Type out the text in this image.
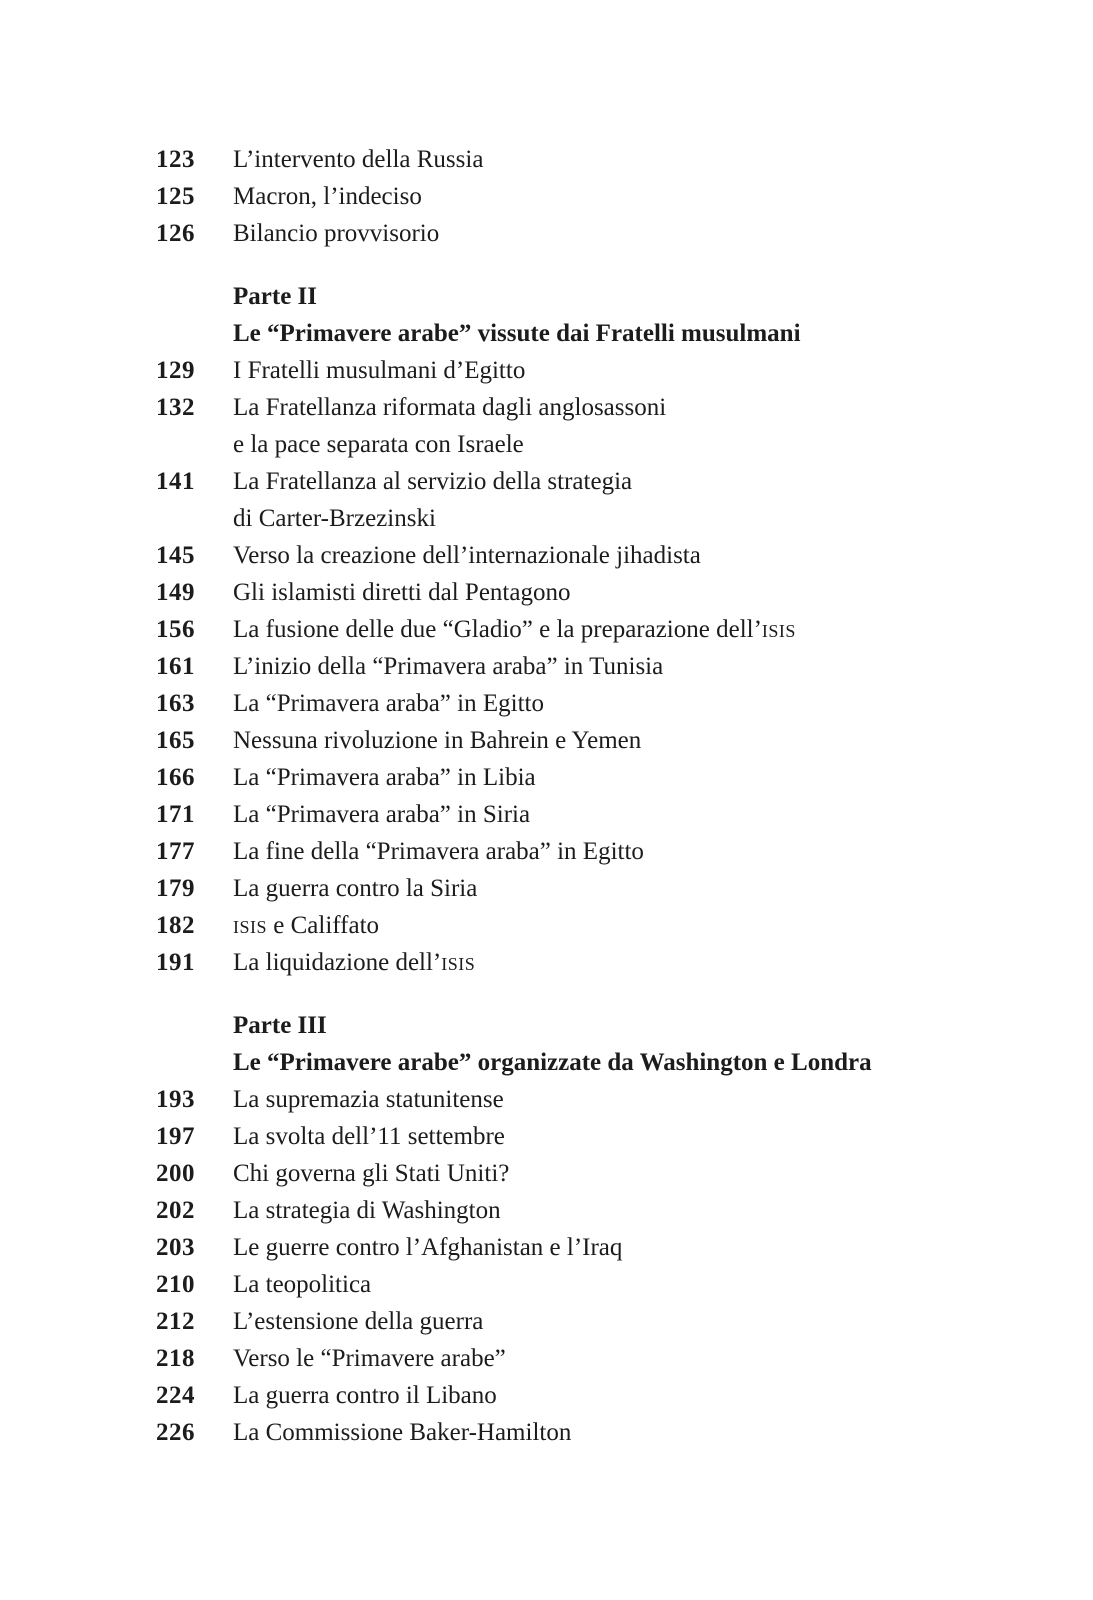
123 L’intervento della Russia
125 Macron, l’indeciso
126 Bilancio provvisorio
Parte II
Le “Primavere arabe” vissute dai Fratelli musulmani
129 I Fratelli musulmani d’Egitto
132 La Fratellanza riformata dagli anglosassoni
e la pace separata con Israele
141 La Fratellanza al servizio della strategia
di Carter-Brzezinski
145 Verso la creazione dell’internazionale jihadista
149 Gli islamisti diretti dal Pentagono
156 La fusione delle due “Gladio” e la preparazione dell’isis
161 L’inizio della “Primavera araba” in Tunisia
163 La “Primavera araba” in Egitto
165 Nessuna rivoluzione in Bahrein e Yemen
166 La “Primavera araba” in Libia
171 La “Primavera araba” in Siria
177 La fine della “Primavera araba” in Egitto
179 La guerra contro la Siria
182 isis e Califfato
191 La liquidazione dell’isis
Parte III
Le “Primavere arabe” organizzate da Washington e Londra
193 La supremazia statunitense
197 La svolta dell’11 settembre
200 Chi governa gli Stati Uniti?
202 La strategia di Washington
203 Le guerre contro l’Afghanistan e l’Iraq
210 La teopolitica
212 L’estensione della guerra
218 Verso le “Primavere arabe”
224 La guerra contro il Libano
226 La Commissione Baker-Hamilton
